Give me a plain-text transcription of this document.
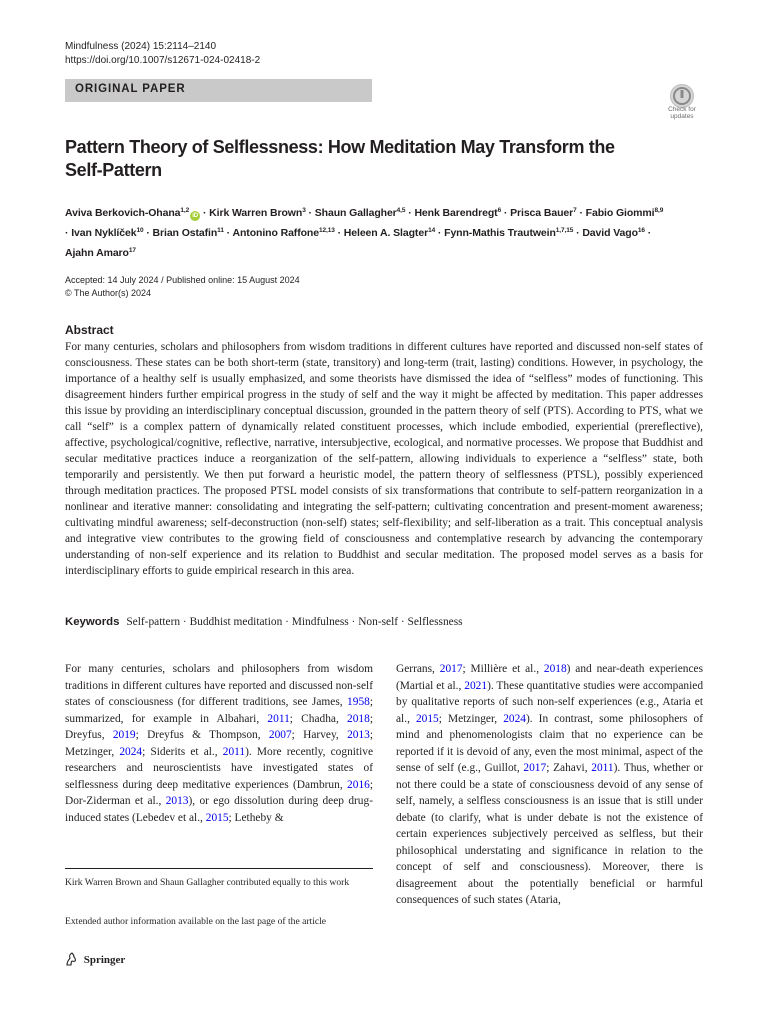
Mindfulness (2024) 15:2114–2140
https://doi.org/10.1007/s12671-024-02418-2
ORIGINAL PAPER
Check for updates
Pattern Theory of Selflessness: How Meditation May Transform the Self-Pattern
Aviva Berkovich-Ohana$^{1,2}$iD · Kirk Warren Brown$^3$ · Shaun Gallagher$^{4,5}$ · Henk Barendregt$^6$ · Prisca Bauer$^7$ · Fabio Giommi$^{8,9}$ · Ivan Nyklíček$^{10}$ · Brian Ostafin$^{11}$ · Antonino Raffone$^{12,13}$ · Heleen A. Slagter$^{14}$ · Fynn-Mathis Trautwein$^{1,7,15}$ · David Vago$^{16}$ · Ajahn Amaro$^{17}$
Accepted: 14 July 2024 / Published online: 15 August 2024
© The Author(s) 2024
Abstract

For many centuries, scholars and philosophers from wisdom traditions in different cultures have reported and discussed non-self states of consciousness. These states can be both short-term (state, transitory) and long-term (trait, lasting) conditions. However, in psychology, the importance of a healthy self is usually emphasized, and some theorists have dismissed the idea of “selfless” modes of functioning. This disagreement hinders further empirical progress in the study of self and the way it might be affected by meditation. This paper addresses this issue by providing an interdisciplinary conceptual discussion, grounded in the pattern theory of self (PTS). According to PTS, what we call “self” is a complex pattern of dynamically related constituent processes, which include embodied, experiential (prereflective), affective, psychological/cognitive, reflective, narrative, intersubjective, ecological, and normative processes. We propose that Buddhist and secular meditative practices induce a reorganization of the self-pattern, allowing individuals to experience a “selfless” state, both temporarily and persistently. We then put forward a heuristic model, the pattern theory of selflessness (PTSL), possibly experienced through meditation practices. The proposed PTSL model consists of six transformations that contribute to self-pattern reorganization in a nonlinear and iterative manner: consolidating and integrating the self-pattern; cultivating concentration and present-moment awareness; cultivating mindful awareness; self-deconstruction (non-self) states; self-flexibility; and self-liberation as a trait. This conceptual analysis and integrative view contributes to the growing field of consciousness and contemplative research by advancing the contemporary understanding of non-self experience and its relation to Buddhist and secular meditation. The proposed model serves as a basis for interdisciplinary efforts to guide empirical research in this area.

Keywords Self-pattern · Buddhist meditation · Mindfulness · Non-self · Selflessness

For many centuries, scholars and philosophers from wisdom traditions in different cultures have reported and discussed non-self states of consciousness (for different traditions, see James, 1958; summarized, for example in Albahari, 2011; Chadha, 2018; Dreyfus, 2019; Dreyfus & Thompson, 2007; Harvey, 2013; Metzinger, 2024; Siderits et al., 2011). More recently, cognitive researchers and neuroscientists have investigated states of selflessness during deep meditative experiences (Dambrun, 2016; Dor-Ziderman et al., 2013), or ego dissolution during deep drug-induced states (Lebedev et al., 2015; Letheby &

Gerrans, 2017; Millière et al., 2018) and near-death experiences (Martial et al., 2021). These quantitative studies were accompanied by qualitative reports of such non-self experiences (e.g., Ataria et al., 2015; Metzinger, 2024). In contrast, some philosophers of mind and phenomenologists claim that no experience can be reported if it is devoid of any, even the most minimal, aspect of the sense of self (e.g., Guillot, 2017; Zahavi, 2011). Thus, whether or not there could be a state of consciousness devoid of any sense of self, namely, a selfless consciousness is an issue that is still under debate (to clarify, what is under debate is not the existence of certain experiences subjectively perceived as selfless, but their philosophical understating and significance in relation to the concept of self and consciousness). Moreover, there is disagreement about the potentially beneficial or harmful consequences of such states (Ataria,

Kirk Warren Brown and Shaun Gallagher contributed equally to this work

Extended author information available on the last page of the article

Springer
